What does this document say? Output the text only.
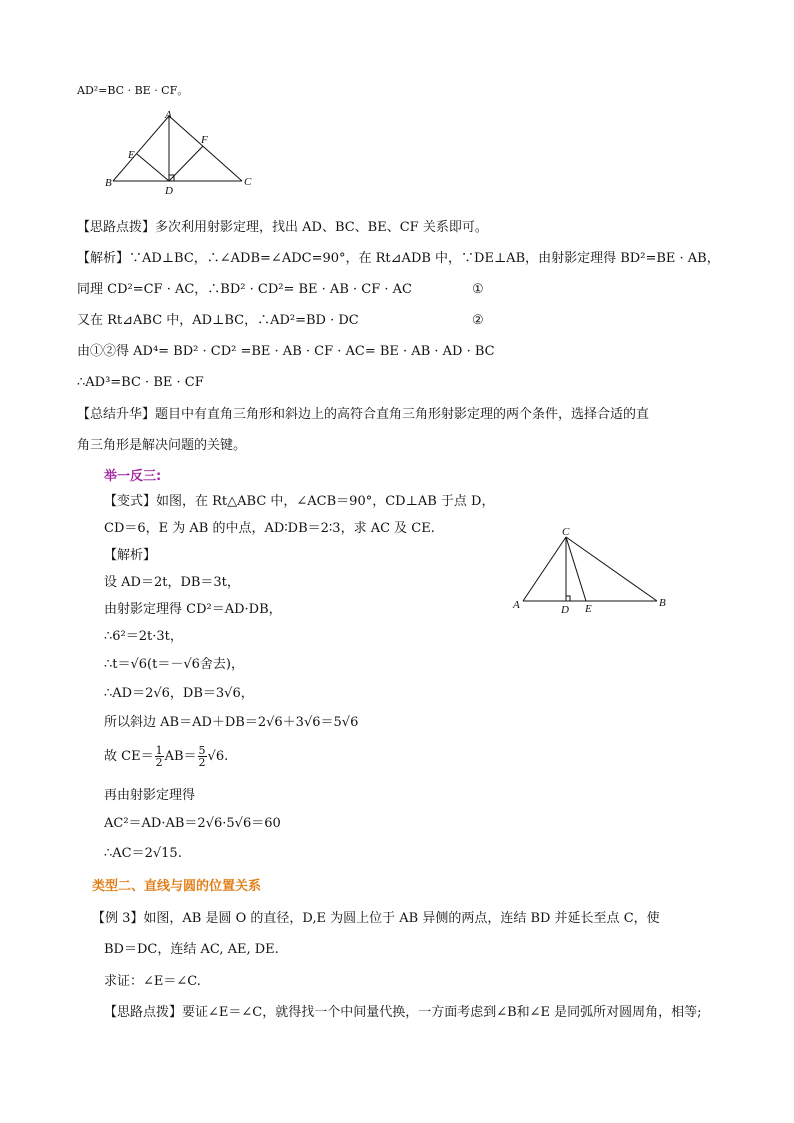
AD²=BC · BE · CF。
A
B	C
D
E
F
【思路点拨】多次利用射影定理，找出 AD、BC、BE、CF 关系即可。
【解析】∵AD⊥BC，∴∠ADB=∠ADC=90°，在 Rt⊿ADB 中，∵DE⊥AB，由射影定理得 BD²=BE · AB，
同理 CD²=CF · AC，∴BD² · CD²= BE · AB · CF · AC	①
又在 Rt⊿ABC 中，AD⊥BC，∴AD²=BD · DC	②
由①②得 AD⁴= BD² · CD² =BE · AB · CF · AC= BE · AB · AD · BC
∴AD³=BC · BE · CF
【总结升华】题目中有直角三角形和斜边上的高符合直角三角形射影定理的两个条件，选择合适的直
角三角形是解决问题的关键。
举一反三:
【变式】如图，在 Rt△ABC 中，∠ACB＝90°，CD⊥AB 于点 D，
CD＝6，E 为 AB 的中点，AD∶DB＝2∶3，求 AC 及 CE.
【解析】
设 AD＝2t，DB＝3t，
由射影定理得 CD²＝AD·DB，
∴6²＝2t·3t，
∴t＝√6(t＝－√6舍去)，
∴AD＝2√6，DB＝3√6，
所以斜边 AB＝AD＋DB＝2√6＋3√6＝5√6
故 $CE= \frac{1}{2} AB= \frac{5}{2} √6$.
再由射影定理得
AC²＝AD·AB＝2√6·5√6＝60
∴AC＝2√15.
C
A	B
D E
类型二、直线与圆的位置关系
【例 3】如图，AB 是圆 O 的直径，D,E 为圆上位于 AB 异侧的两点，连结 BD 并延长至点 C，使
BD＝DC，连结 AC, AE, DE.
求证：∠E＝∠C.
【思路点拨】要证∠E＝∠C，就得找一个中间量代换，一方面考虑到∠B和∠E 是同弧所对圆周角，相等;
